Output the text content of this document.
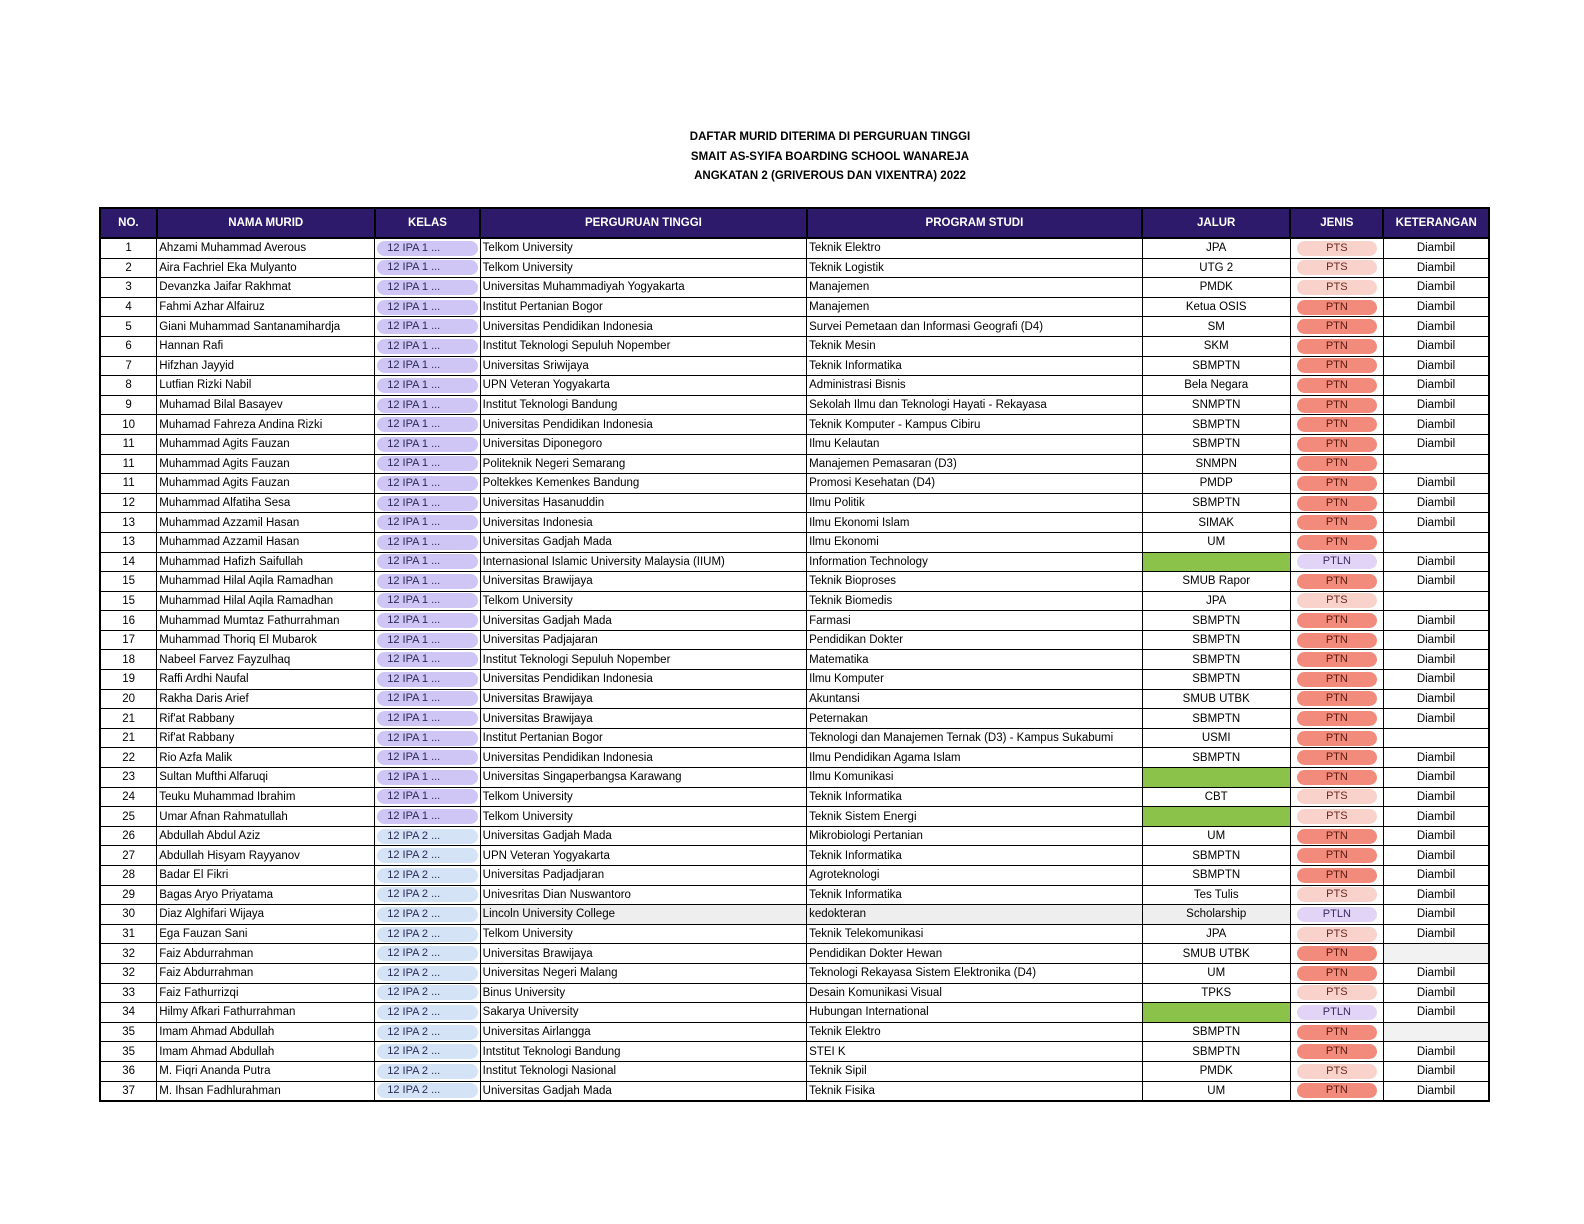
DAFTAR MURID DITERIMA DI PERGURUAN TINGGI
SMAIT AS-SYIFA BOARDING SCHOOL WANAREJA
ANGKATAN 2 (GRIVEROUS DAN VIXENTRA) 2022
NO.	NAMA MURID	KELAS	PERGURUAN TINGGI	PROGRAM STUDI	JALUR	JENIS	KETERANGAN
1	Ahzami Muhammad Averous	12 IPA 1 ...	Telkom University	Teknik Elektro	JPA	PTS	Diambil
2	Aira Fachriel Eka Mulyanto	12 IPA 1 ...	Telkom University	Teknik Logistik	UTG 2	PTS	Diambil
3	Devanzka Jaifar Rakhmat	12 IPA 1 ...	Universitas Muhammadiyah Yogyakarta	Manajemen	PMDK	PTS	Diambil
4	Fahmi Azhar Alfairuz	12 IPA 1 ...	Institut Pertanian Bogor	Manajemen	Ketua OSIS	PTN	Diambil
5	Giani Muhammad Santanamihardja	12 IPA 1 ...	Universitas Pendidikan Indonesia	Survei Pemetaan dan Informasi Geografi (D4)	SM	PTN	Diambil
6	Hannan Rafi	12 IPA 1 ...	Institut Teknologi Sepuluh Nopember	Teknik Mesin	SKM	PTN	Diambil
7	Hifzhan Jayyid	12 IPA 1 ...	Universitas Sriwijaya	Teknik Informatika	SBMPTN	PTN	Diambil
8	Lutfian Rizki Nabil	12 IPA 1 ...	UPN Veteran Yogyakarta	Administrasi Bisnis	Bela Negara	PTN	Diambil
9	Muhamad Bilal Basayev	12 IPA 1 ...	Institut Teknologi Bandung	Sekolah Ilmu dan Teknologi Hayati - Rekayasa	SNMPTN	PTN	Diambil
10	Muhamad Fahreza Andina Rizki	12 IPA 1 ...	Universitas Pendidikan Indonesia	Teknik Komputer - Kampus Cibiru	SBMPTN	PTN	Diambil
11	Muhammad Agits Fauzan	12 IPA 1 ...	Universitas Diponegoro	Ilmu Kelautan	SBMPTN	PTN	Diambil
11	Muhammad Agits Fauzan	12 IPA 1 ...	Politeknik Negeri Semarang	Manajemen Pemasaran (D3)	SNMPN	PTN	

11	Muhammad Agits Fauzan	12 IPA 1 ...	Poltekkes Kemenkes Bandung	Promosi Kesehatan (D4)	PMDP	PTN	Diambil
12	Muhammad Alfatiha Sesa	12 IPA 1 ...	Universitas Hasanuddin	Ilmu Politik	SBMPTN	PTN	Diambil
13	Muhammad Azzamil Hasan	12 IPA 1 ...	Universitas Indonesia	Ilmu Ekonomi Islam	SIMAK	PTN	Diambil
13	Muhammad Azzamil Hasan	12 IPA 1 ...	Universitas Gadjah Mada	Ilmu Ekonomi	UM	PTN	

14	Muhammad Hafizh Saifullah	12 IPA 1 ...	Internasional Islamic University Malaysia (IIUM)	Information Technology		PTLN	Diambil
15	Muhammad Hilal Aqila Ramadhan	12 IPA 1 ...	Universitas Brawijaya	Teknik Bioproses	SMUB Rapor	PTN	Diambil
15	Muhammad Hilal Aqila Ramadhan	12 IPA 1 ...	Telkom University	Teknik Biomedis	JPA	PTS	

16	Muhammad Mumtaz Fathurrahman	12 IPA 1 ...	Universitas Gadjah Mada	Farmasi	SBMPTN	PTN	Diambil
17	Muhammad Thoriq El Mubarok	12 IPA 1 ...	Universitas Padjajaran	Pendidikan Dokter	SBMPTN	PTN	Diambil
18	Nabeel Farvez Fayzulhaq	12 IPA 1 ...	Institut Teknologi Sepuluh Nopember	Matematika	SBMPTN	PTN	Diambil
19	Raffi Ardhi Naufal	12 IPA 1 ...	Universitas Pendidikan Indonesia	Ilmu Komputer	SBMPTN	PTN	Diambil
20	Rakha Daris Arief	12 IPA 1 ...	Universitas Brawijaya	Akuntansi	SMUB UTBK	PTN	Diambil
21	Rif'at Rabbany	12 IPA 1 ...	Universitas Brawijaya	Peternakan	SBMPTN	PTN	Diambil
21	Rif'at Rabbany	12 IPA 1 ...	Institut Pertanian Bogor	Teknologi dan Manajemen Ternak (D3) - Kampus Sukabumi	USMI	PTN	

22	Rio Azfa Malik	12 IPA 1 ...	Universitas Pendidikan Indonesia	Ilmu Pendidikan Agama Islam	SBMPTN	PTN	Diambil
23	Sultan Mufthi Alfaruqi	12 IPA 1 ...	Universitas Singaperbangsa Karawang	Ilmu Komunikasi		PTN	Diambil
24	Teuku Muhammad Ibrahim	12 IPA 1 ...	Telkom University	Teknik Informatika	CBT	PTS	Diambil
25	Umar Afnan Rahmatullah	12 IPA 1 ...	Telkom University	Teknik Sistem Energi		PTS	Diambil
26	Abdullah Abdul Aziz	12 IPA 2 ...	Universitas Gadjah Mada	Mikrobiologi Pertanian	UM	PTN	Diambil
27	Abdullah Hisyam Rayyanov	12 IPA 2 ...	UPN Veteran Yogyakarta	Teknik Informatika	SBMPTN	PTN	Diambil
28	Badar El Fikri	12 IPA 2 ...	Universitas Padjadjaran	Agroteknologi	SBMPTN	PTN	Diambil
29	Bagas Aryo Priyatama	12 IPA 2 ...	Univesritas Dian Nuswantoro	Teknik Informatika	Tes Tulis	PTS	Diambil
30	Diaz Alghifari Wijaya	12 IPA 2 ...	Lincoln University College	kedokteran	Scholarship	PTLN	Diambil
31	Ega Fauzan Sani	12 IPA 2 ...	Telkom University	Teknik Telekomunikasi	JPA	PTS	Diambil
32	Faiz Abdurrahman	12 IPA 2 ...	Universitas Brawijaya	Pendidikan Dokter Hewan	SMUB UTBK	PTN	

32	Faiz Abdurrahman	12 IPA 2 ...	Universitas Negeri Malang	Teknologi Rekayasa Sistem Elektronika (D4)	UM	PTN	Diambil
33	Faiz Fathurrizqi	12 IPA 2 ...	Binus University	Desain Komunikasi Visual	TPKS	PTS	Diambil
34	Hilmy Afkari Fathurrahman	12 IPA 2 ...	Sakarya University	Hubungan International		PTLN	Diambil
35	Imam Ahmad Abdullah	12 IPA 2 ...	Universitas Airlangga	Teknik Elektro	SBMPTN	PTN	

35	Imam Ahmad Abdullah	12 IPA 2 ...	Intstitut Teknologi Bandung	STEI K	SBMPTN	PTN	Diambil
36	M. Fiqri Ananda Putra	12 IPA 2 ...	Institut Teknologi Nasional	Teknik Sipil	PMDK	PTS	Diambil
37	M. Ihsan Fadhlurahman	12 IPA 2 ...	Universitas Gadjah Mada	Teknik Fisika	UM	PTN	Diambil
